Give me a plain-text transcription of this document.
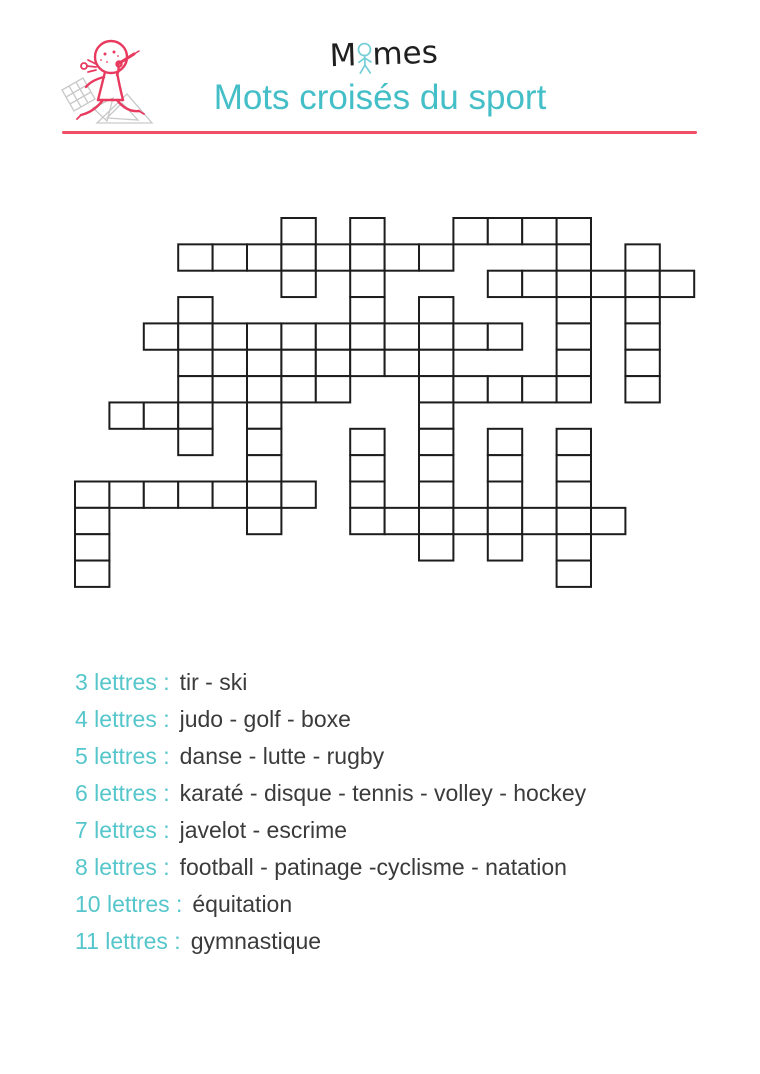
M mes
Mots croisés du sport
3 lettres : tir - ski
4 lettres : judo - golf - boxe
5 lettres : danse - lutte - rugby
6 lettres : karaté - disque - tennis - volley - hockey
7 lettres : javelot - escrime
8 lettres : football - patinage -cyclisme - natation
10 lettres : équitation
11 lettres : gymnastique
